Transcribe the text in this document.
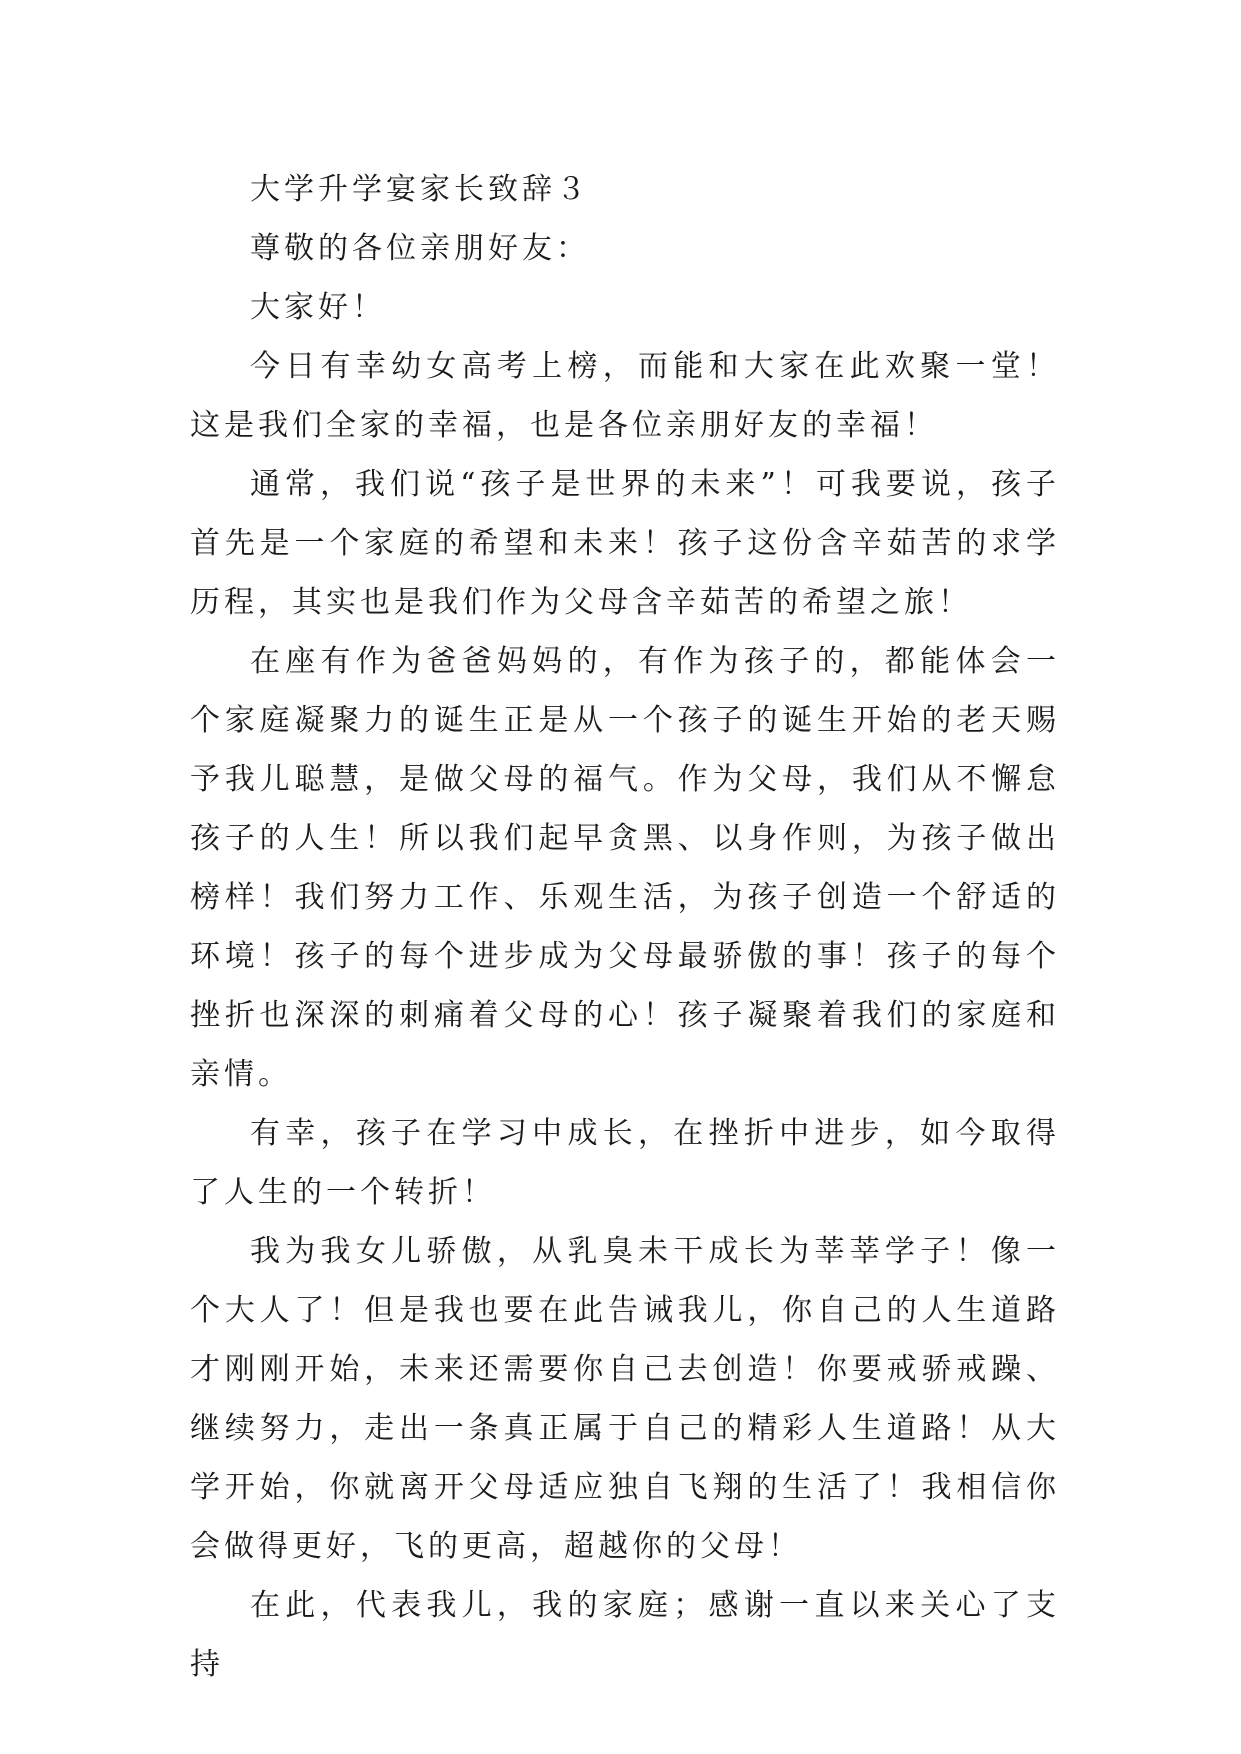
大学升学宴家长致辞３

尊敬的各位亲朋好友：

大家好！

今日有幸幼女高考上榜，而能和大家在此欢聚一堂！这是我们全家的幸福，也是各位亲朋好友的幸福！

通常，我们说“孩子是世界的未来”！可我要说，孩子首先是一个家庭的希望和未来！孩子这份含辛茹苦的求学历程，其实也是我们作为父母含辛茹苦的希望之旅！

在座有作为爸爸妈妈的，有作为孩子的，都能体会一个家庭凝聚力的诞生正是从一个孩子的诞生开始的老天赐予我儿聪慧，是做父母的福气。作为父母，我们从不懈怠孩子的人生！所以我们起早贪黑、以身作则，为孩子做出榜样！我们努力工作、乐观生活，为孩子创造一个舒适的环境！孩子的每个进步成为父母最骄傲的事！孩子的每个挫折也深深的刺痛着父母的心！孩子凝聚着我们的家庭和亲情。

有幸，孩子在学习中成长，在挫折中进步，如今取得了人生的一个转折！

我为我女儿骄傲，从乳臭未干成长为莘莘学子！像一个大人了！但是我也要在此告诫我儿，你自己的人生道路才刚刚开始，未来还需要你自己去创造！你要戒骄戒躁、继续努力，走出一条真正属于自己的精彩人生道路！从大学开始，你就离开父母适应独自飞翔的生活了！我相信你会做得更好，飞的更高，超越你的父母！

在此，代表我儿，我的家庭；感谢一直以来关心了支持
